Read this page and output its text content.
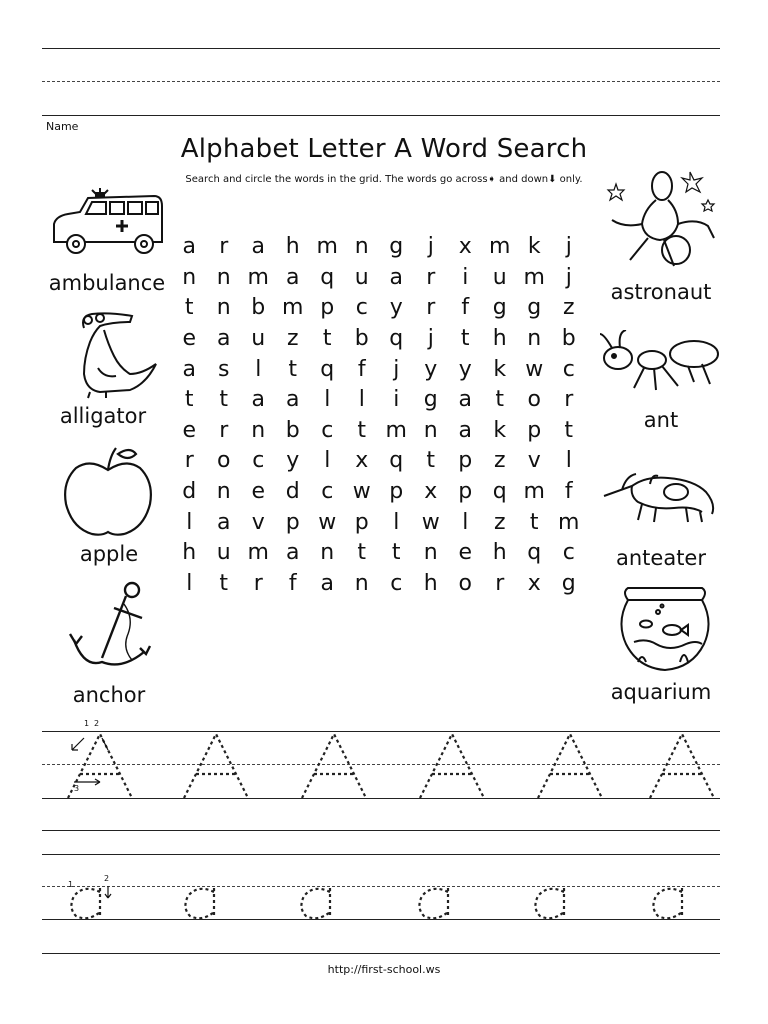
Name
Alphabet Letter A Word Search
Search and circle the words in the grid. The words go across➧ and down⬇ only.
a	r	a	h	m	n	g	j	x	m	k	j
n	n	m	a	q	u	a	r	i	u	m	j
t	n	b	m	p	c	y	r	f	g	g	z
e	a	u	z	t	b	q	j	t	h	n	b
a	s	l	t	q	f	j	y	y	k	w	c
t	t	a	a	l	l	i	g	a	t	o	r
e	r	n	b	c	t	m	n	a	k	p	t
r	o	c	y	l	x	q	t	p	z	v	l
d	n	e	d	c	w	p	x	p	q	m	f
l	a	v	p	w	p	l	w	l	z	t	m
h	u	m	a	n	t	t	n	e	h	q	c
l	t	r	f	a	n	c	h	o	r	x	g
ambulance
alligator
apple
anchor
astronaut
ant
anteater
aquarium
1 2
3
1
2
http://first-school.ws
